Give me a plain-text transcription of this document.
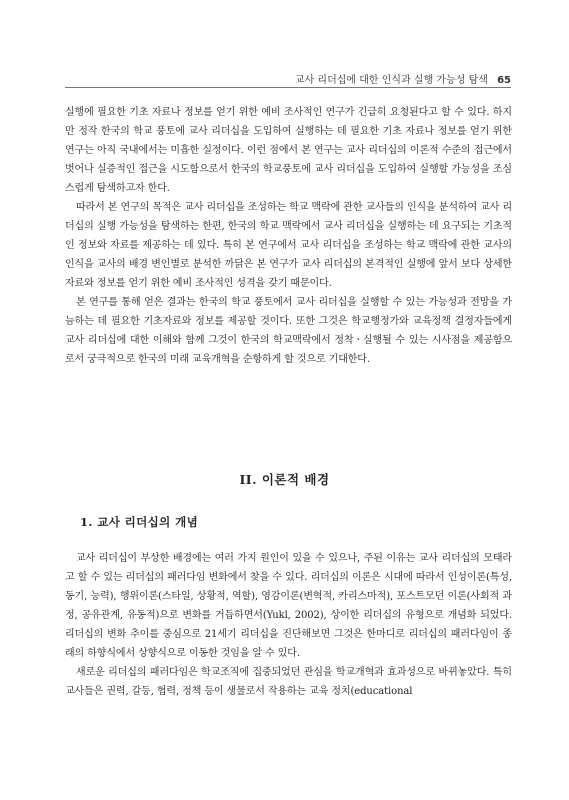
교사 리더십에 대한 인식과 실행 가능성 탐색 65

실행에 필요한 기초 자료나 정보를 얻기 위한 예비 조사적인 연구가 긴급히 요청된다고 할 수 있다. 하지만 정작 한국의 학교 풍토에 교사 리더십을 도입하여 실행하는 데 필요한 기초 자료나 정보를 얻기 위한 연구는 아직 국내에서는 미흡한 실정이다. 이런 점에서 본 연구는 교사 리더십의 이론적 수준의 접근에서 벗어나 실증적인 접근을 시도함으로서 한국의 학교풍토에 교사 리더십을 도입하여 실행할 가능성을 조심스럽게 탐색하고자 한다.

따라서 본 연구의 목적은 교사 리더십을 조성하는 학교 맥락에 관한 교사들의 인식을 분석하여 교사 리더십의 실행 가능성을 탐색하는 한편, 한국의 학교 맥락에서 교사 리더십을 실행하는 데 요구되는 기초적인 정보와 자료를 제공하는 데 있다. 특히 본 연구에서 교사 리더십을 조성하는 학교 맥락에 관한 교사의 인식을 교사의 배경 변인별로 분석한 까닭은 본 연구가 교사 리더십의 본격적인 실행에 앞서 보다 상세한 자료와 정보를 얻기 위한 예비 조사적인 성격을 갖기 때문이다.

본 연구를 통해 얻은 결과는 한국의 학교 풍토에서 교사 리더십을 실행할 수 있는 가능성과 전망을 가늠하는 데 필요한 기초자료와 정보를 제공할 것이다. 또한 그것은 학교행정가와 교육정책 결정자들에게 교사 리더십에 대한 이해와 함께 그것이 한국의 학교맥락에서 정착ㆍ실행될 수 있는 시사점을 제공함으로서 궁극적으로 한국의 미래 교육개혁을 순항하게 할 것으로 기대한다.

II. 이론적 배경
1. 교사 리더십의 개념

교사 리더십이 부상한 배경에는 여러 가지 원인이 있을 수 있으나, 주된 이유는 교사 리더십의 모태라고 할 수 있는 리더십의 패러다임 변화에서 찾을 수 있다. 리더십의 이론은 시대에 따라서 인성이론(특성, 동기, 능력), 행위이론(스타일, 상황적, 역할), 영감이론(변혁적, 카리스마적), 포스트모던 이론(사회적 과정, 공유관계, 유동적)으로 변화를 거듭하면서(Yukl, 2002), 상이한 리더십의 유형으로 개념화 되었다. 리더십의 변화 추이를 중심으로 21세기 리더십을 진단해보면 그것은 한마디로 리더십의 패러다임이 종래의 하향식에서 상향식으로 이동한 것임을 알 수 있다.

새로운 리더십의 패러다임은 학교조직에 집중되었던 관심을 학교개혁과 효과성으로 바뀌놓았다. 특히 교사들은 권력, 갈등, 협력, 정책 등이 생물로서 작용하는 교육 정치(educational
